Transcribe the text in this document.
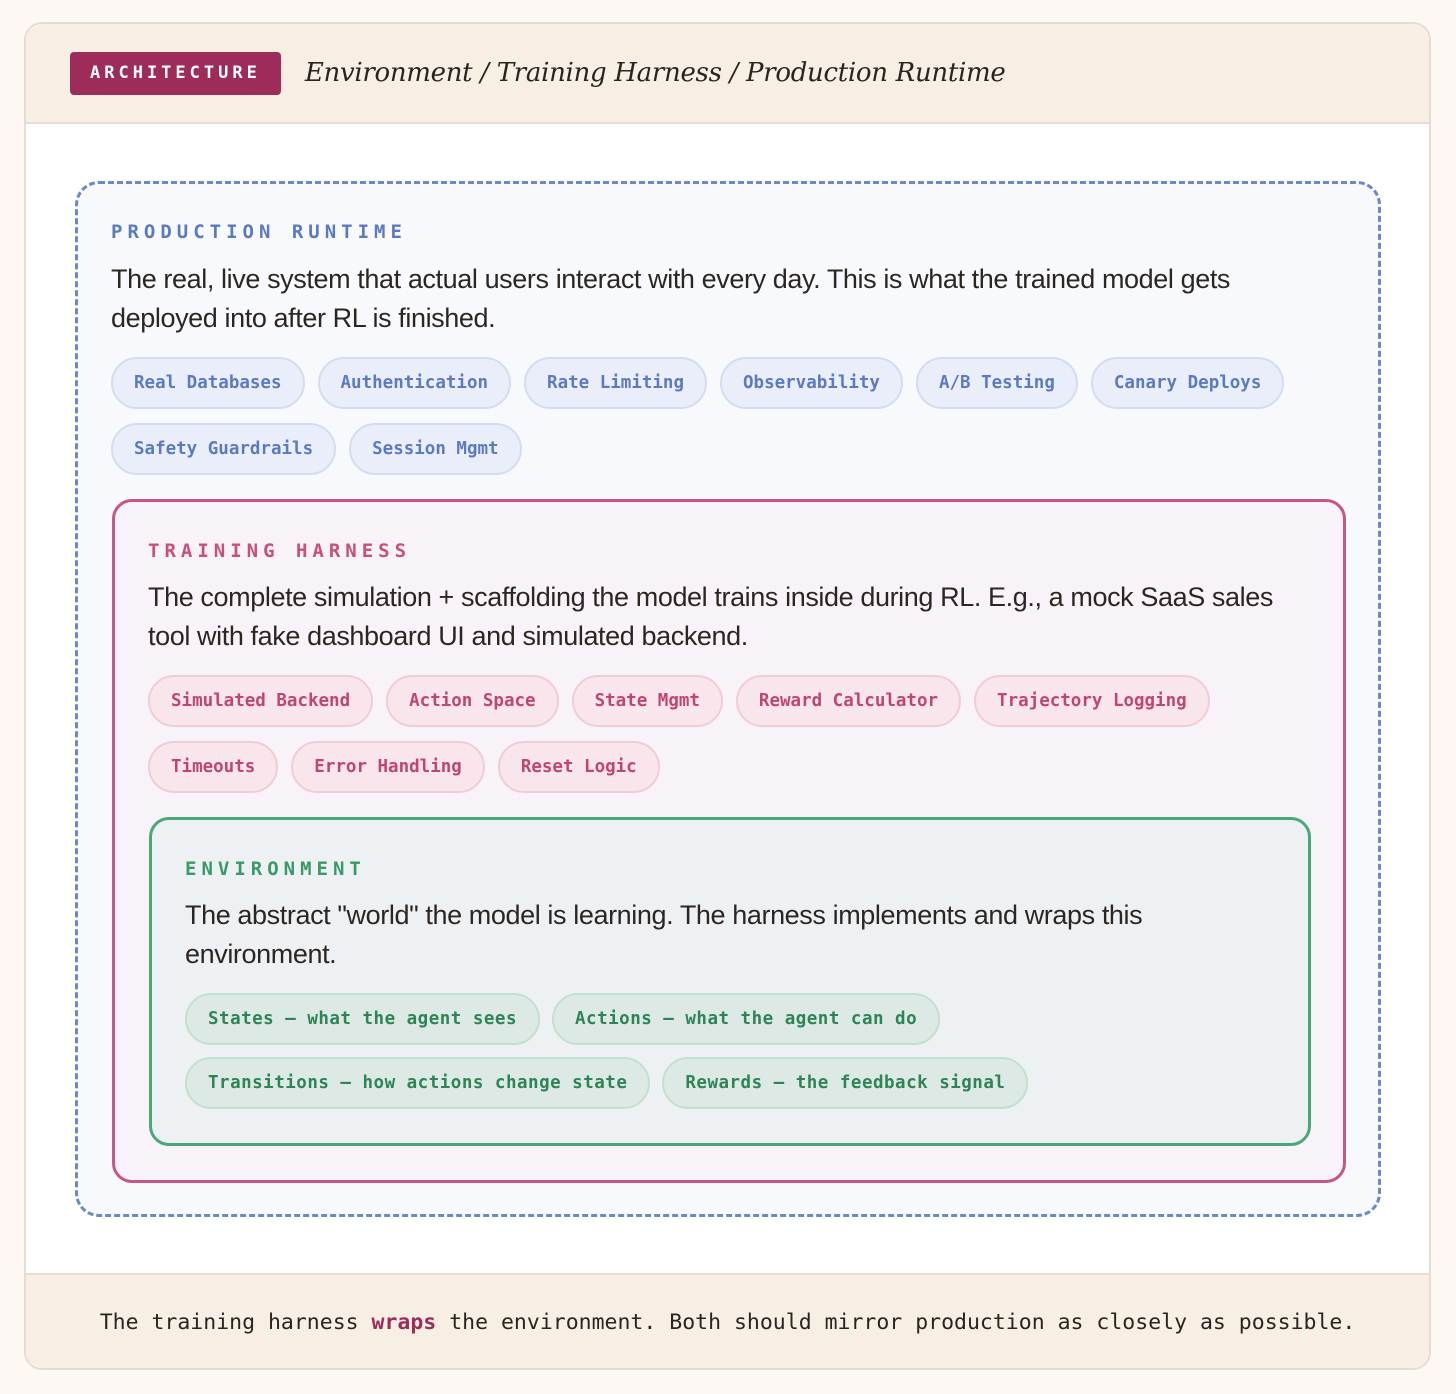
ARCHITECTURE	Environment / Training Harness / Production Runtime
PRODUCTION RUNTIME
The real, live system that actual users interact with every day. This is what the trained model gets deployed into after RL is finished.
Real Databases	Authentication	Rate Limiting	Observability	A/B Testing	Canary Deploys
Safety Guardrails	Session Mgmt
TRAINING HARNESS
The complete simulation + scaffolding the model trains inside during RL. E.g., a mock SaaS sales tool with fake dashboard UI and simulated backend.
Simulated Backend	Action Space	State Mgmt	Reward Calculator	Trajectory Logging
Timeouts	Error Handling	Reset Logic
ENVIRONMENT
The abstract "world" the model is learning. The harness implements and wraps this environment.
States — what the agent sees	Actions — what the agent can do
Transitions — how actions change state	Rewards — the feedback signal
The training harness wraps the environment. Both should mirror production as closely as possible.
